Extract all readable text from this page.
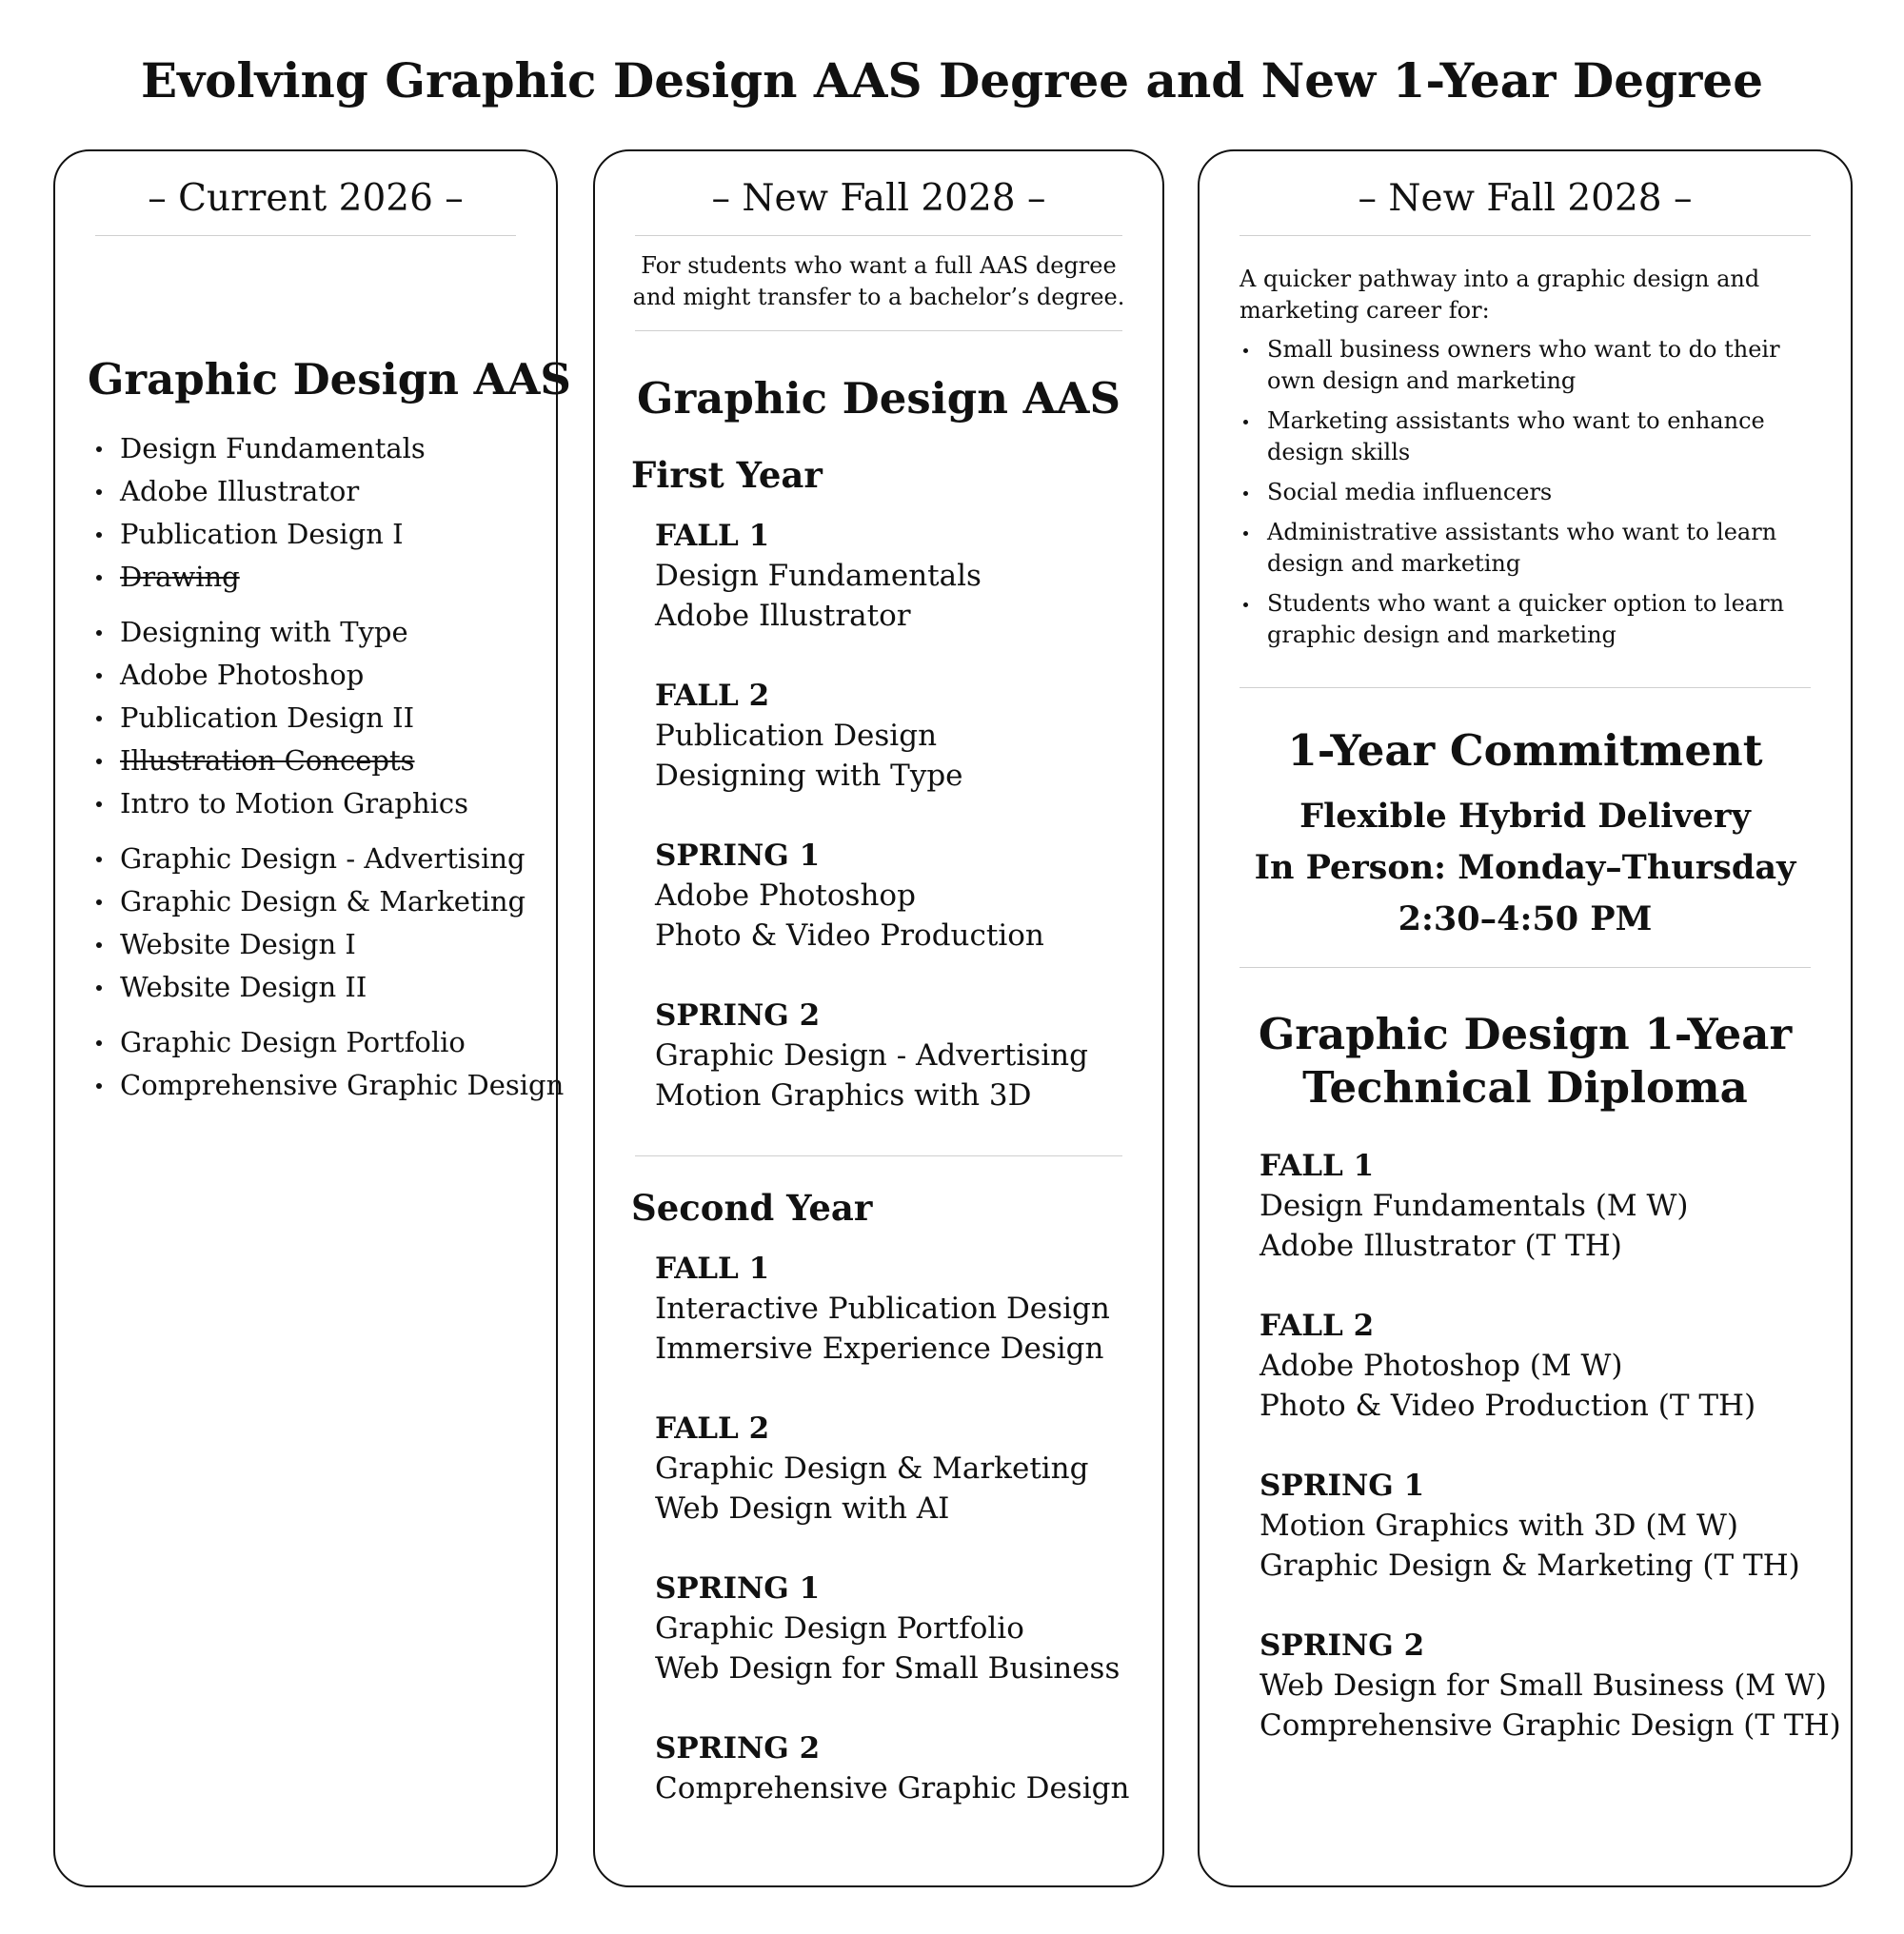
Evolving Graphic Design AAS Degree and New 1-Year Degree
– Current 2026 –
Graphic Design AAS
Design Fundamentals
Adobe Illustrator
Publication Design I
Drawing
Designing with Type
Adobe Photoshop
Publication Design II
Illustration Concepts
Intro to Motion Graphics
Graphic Design - Advertising
Graphic Design & Marketing
Website Design I
Website Design II
Graphic Design Portfolio
Comprehensive Graphic Design
– New Fall 2028 –
For students who want a full AAS degree
and might transfer to a bachelor’s degree.
Graphic Design AAS
First Year
FALL 1
Design Fundamentals
Adobe Illustrator
FALL 2
Publication Design
Designing with Type
SPRING 1
Adobe Photoshop
Photo & Video Production
SPRING 2
Graphic Design - Advertising
Motion Graphics with 3D
Second Year
FALL 1
Interactive Publication Design
Immersive Experience Design
FALL 2
Graphic Design & Marketing
Web Design with AI
SPRING 1
Graphic Design Portfolio
Web Design for Small Business
SPRING 2
Comprehensive Graphic Design
– New Fall 2028 –
A quicker pathway into a graphic design and
marketing career for:
Small business owners who want to do their own design and marketing
Marketing assistants who want to enhance design skills
Social media influencers
Administrative assistants who want to learn design and marketing
Students who want a quicker option to learn graphic design and marketing
1-Year Commitment
Flexible Hybrid Delivery
In Person: Monday–Thursday
2:30–4:50 PM
Graphic Design 1-Year
Technical Diploma
FALL 1
Design Fundamentals (M W)
Adobe Illustrator (T TH)
FALL 2
Adobe Photoshop (M W)
Photo & Video Production (T TH)
SPRING 1
Motion Graphics with 3D (M W)
Graphic Design & Marketing (T TH)
SPRING 2
Web Design for Small Business (M W)
Comprehensive Graphic Design (T TH)
